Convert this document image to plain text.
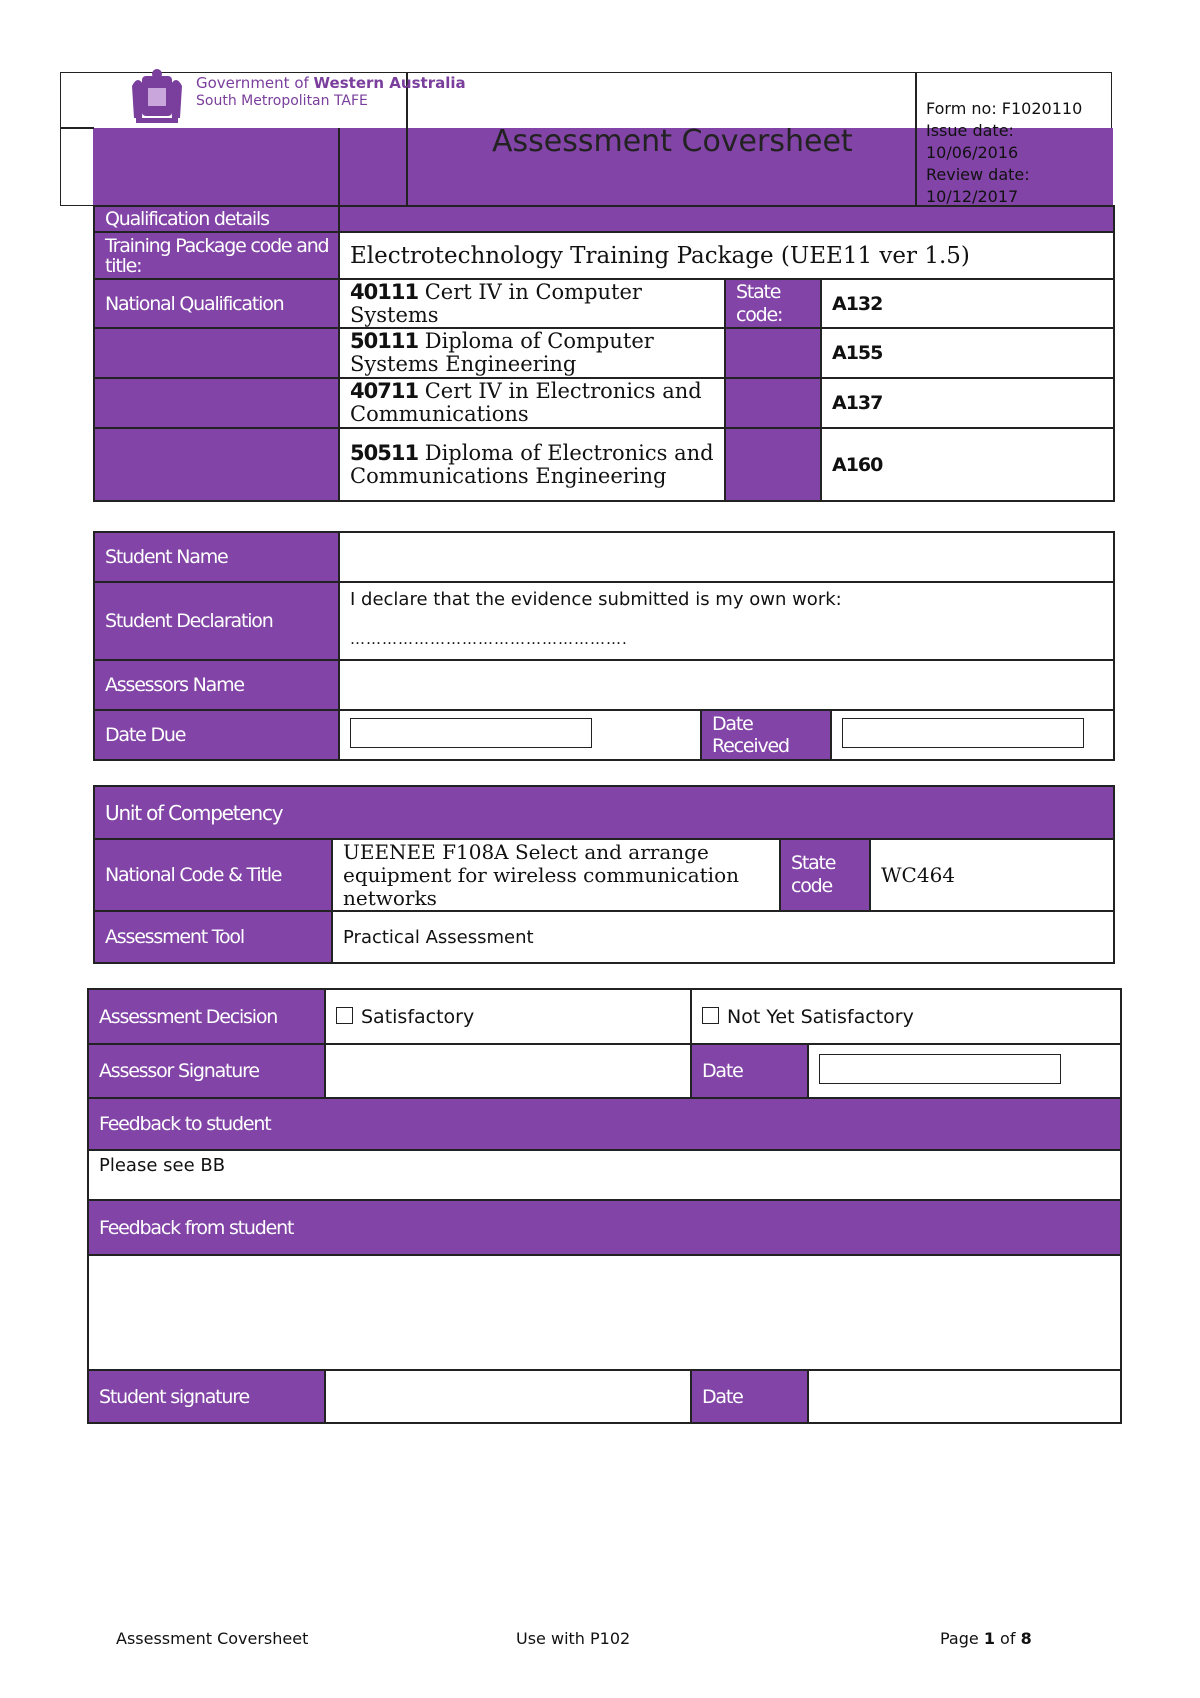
Government of Western Australia
South Metropolitan TAFE
Assessment Coversheet
Form no: F1020110
Issue date:
10/06/2016
Review date:
10/12/2017
Qualification details			
Training Package code and title:	Electrotechnology Training Package (UEE11 ver 1.5)		
National Qualification	40111 Cert IV in Computer Systems	State code:	A132
	50111 Diploma of Computer Systems Engineering		A155
	40711 Cert IV in Electronics and Communications		A137
	50511 Diploma of Electronics and Communications Engineering		A160
Student Name			
Student Declaration	I declare that the evidence submitted is my own work:
…………………………………………….		

Assessors Name			
Date Due		Date Received	
Unit of Competency			
National Code & Title	UEENEE F108A Select and arrange equipment for wireless communication networks	State code	WC464
Assessment Tool	Practical Assessment		
Assessment Decision	Satisfactory	Not Yet Satisfactory	
Assessor Signature		Date	
Feedback to student			
Please see BB			
Feedback from student			

Student signature		Date	
Assessment Coversheet	Use with P102	Page 1 of 8
